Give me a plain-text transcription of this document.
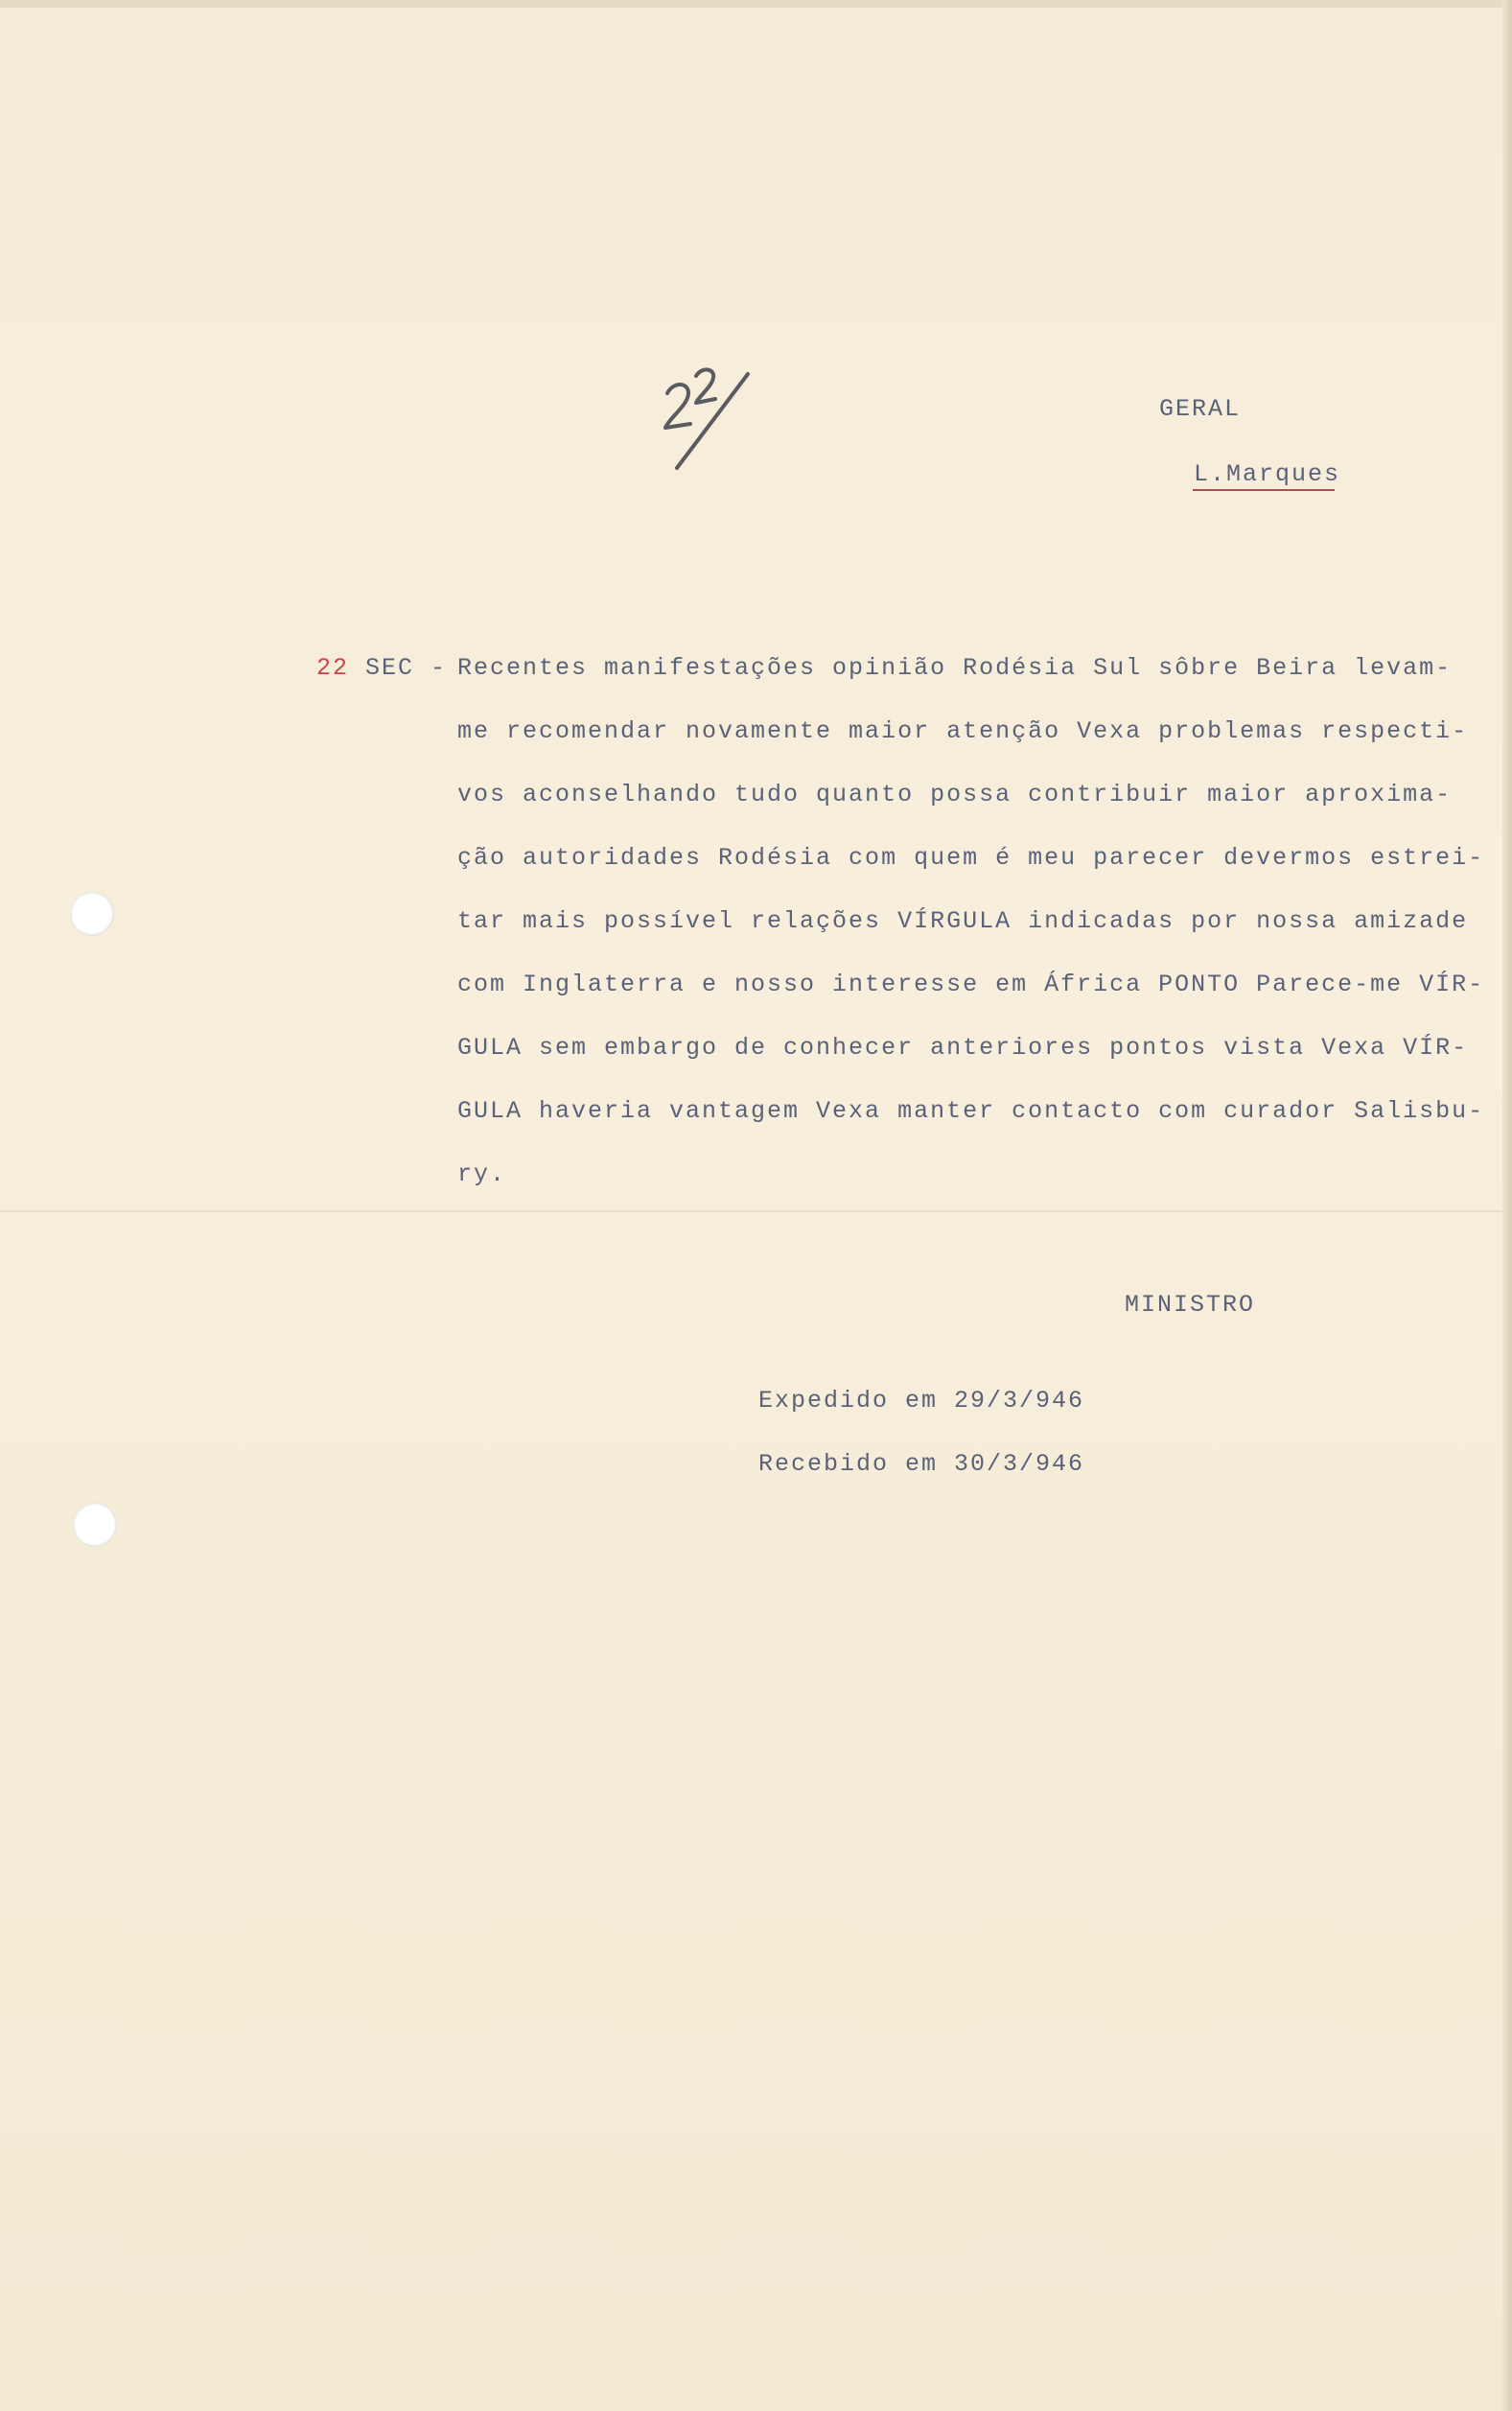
GERAL
L.Marques
22 SEC - Recentes manifestações opinião Rodésia Sul sôbre Beira levam-
me recomendar novamente maior atenção Vexa problemas respecti-
vos aconselhando tudo quanto possa contribuir maior aproxima-
ção autoridades Rodésia com quem é meu parecer devermos estrei-
tar mais possível relações VÍRGULA indicadas por nossa amizade
com Inglaterra e nosso interesse em África PONTO Parece-me VÍR-
GULA sem embargo de conhecer anteriores pontos vista Vexa VÍR-
GULA haveria vantagem Vexa manter contacto com curador Salisbu-
ry.
MINISTRO
Expedido em 29/3/946
Recebido em 30/3/946
